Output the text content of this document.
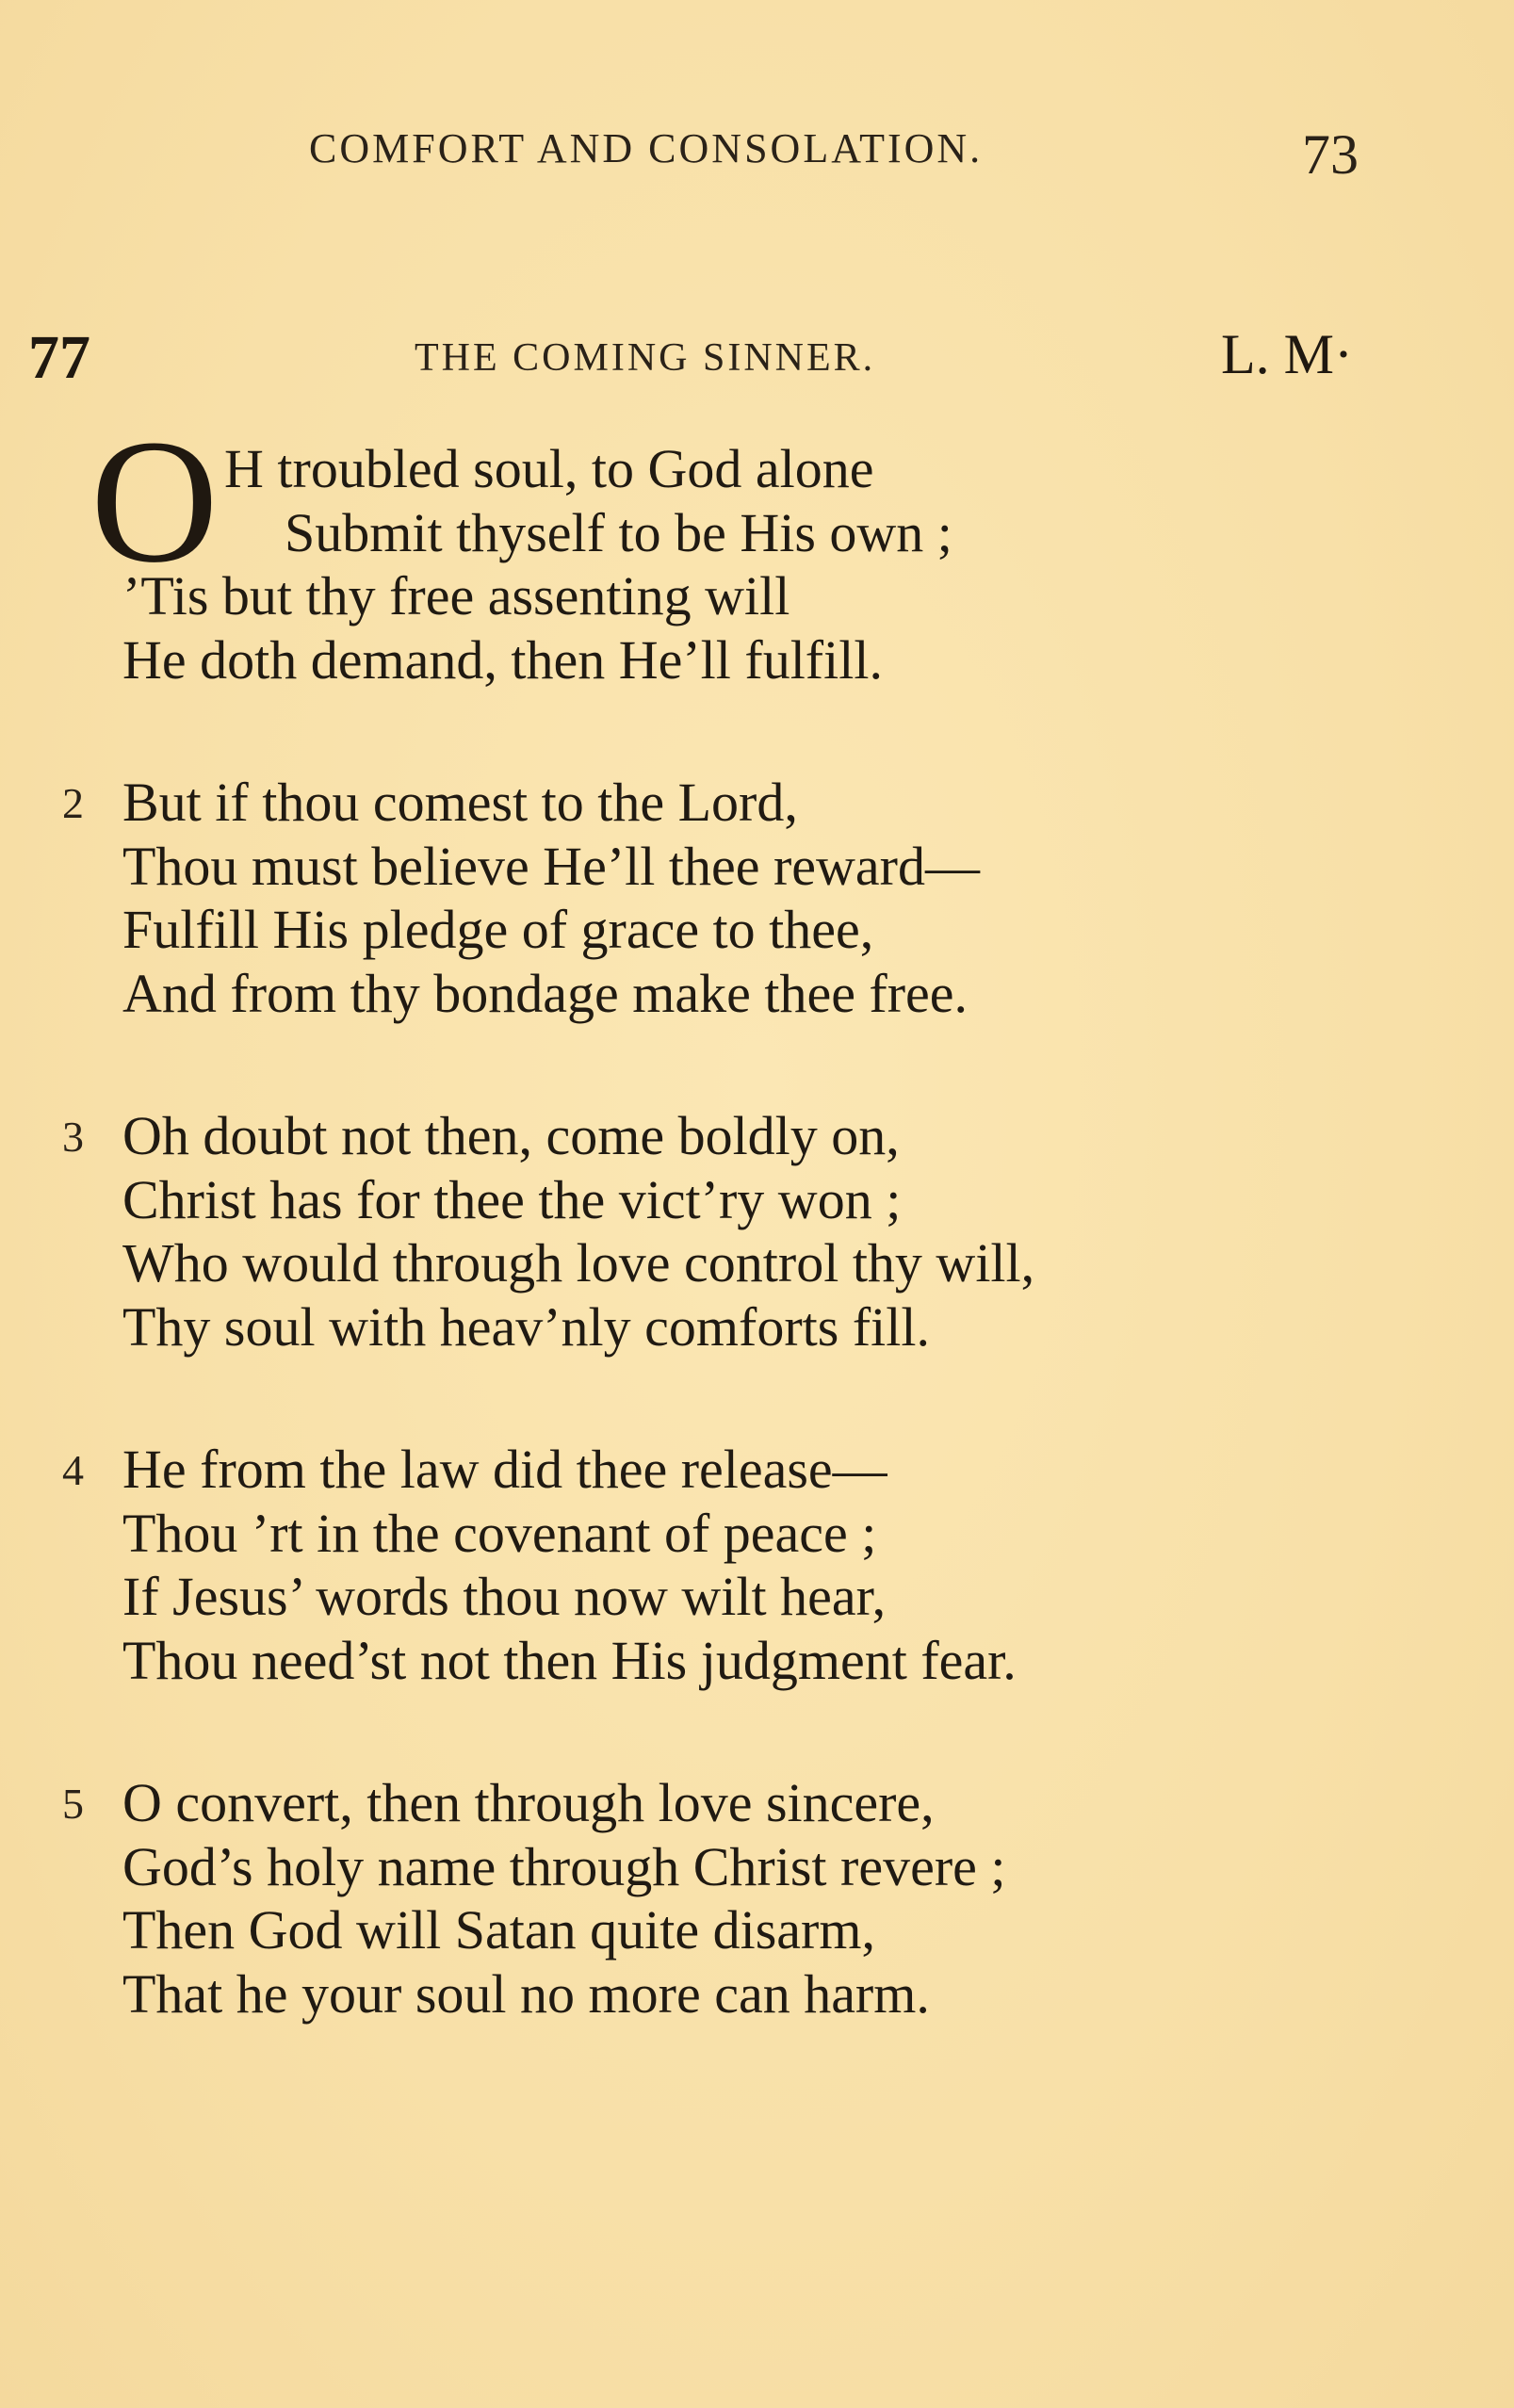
COMFORT AND CONSOLATION.	73
77	THE COMING SINNER.	L. M·
O H troubled soul, to God alone
Submit thyself to be His own ;
’Tis but thy free assenting will
He doth demand, then He’ll fulfill.
2 But if thou comest to the Lord,
Thou must believe He’ll thee reward—
Fulfill His pledge of grace to thee,
And from thy bondage make thee free.
3 Oh doubt not then, come boldly on,
Christ has for thee the vict’ry won ;
Who would through love control thy will,
Thy soul with heav’nly comforts fill.
4 He from the law did thee release—
Thou ’rt in the covenant of peace ;
If Jesus’ words thou now wilt hear,
Thou need’st not then His judgment fear.
5 O convert, then through love sincere,
God’s holy name through Christ revere ;
Then God will Satan quite disarm,
That he your soul no more can harm.
